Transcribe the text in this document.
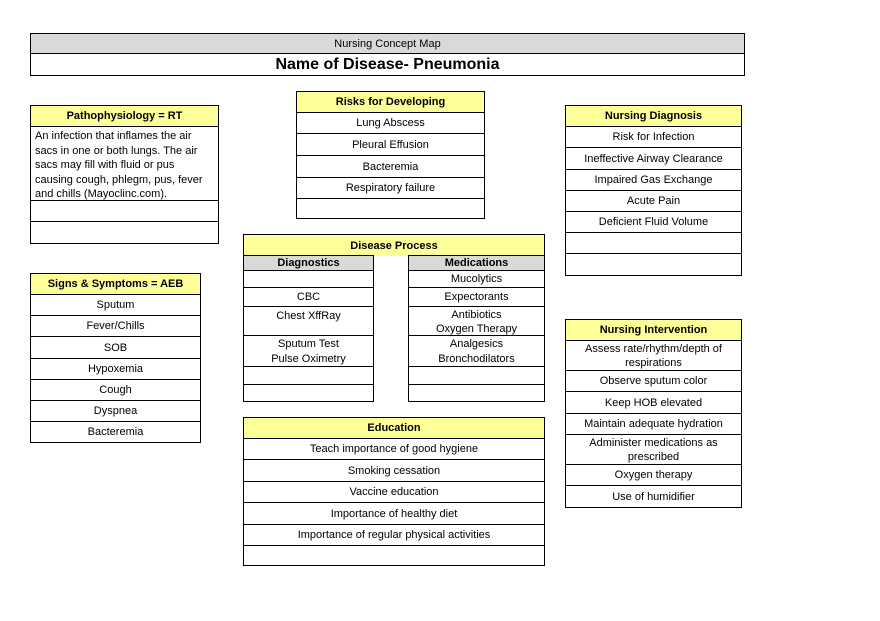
Nursing Concept Map
Name of Disease- Pneumonia
Pathophysiology = RT
An infection that inflames the air sacs in one or both lungs. The air sacs may fill with fluid or pus causing cough, phlegm, pus, fever and chills (Mayoclinc.com).
Risks for Developing
Lung Abscess
Pleural Effusion
Bacteremia
Respiratory failure
Nursing Diagnosis
Risk for Infection
Ineffective Airway Clearance
Impaired Gas Exchange
Acute Pain
Deficient Fluid Volume
Signs & Symptoms = AEB
Sputum
Fever/Chills
SOB
Hypoxemia
Cough
Dyspnea
Bacteremia
Disease Process
Diagnostics
CBC
Chest XffRay
Sputum Test
Pulse Oximetry
Medications
Mucolytics
Expectorants
Antibiotics
Oxygen Therapy
Analgesics
Bronchodilators
Nursing Intervention
Assess rate/rhythm/depth of respirations
Observe sputum color
Keep HOB elevated
Maintain adequate hydration
Administer medications as prescribed
Oxygen therapy
Use of humidifier
Education
Teach importance of good hygiene
Smoking cessation
Vaccine education
Importance of healthy diet
Importance of regular physical activities
